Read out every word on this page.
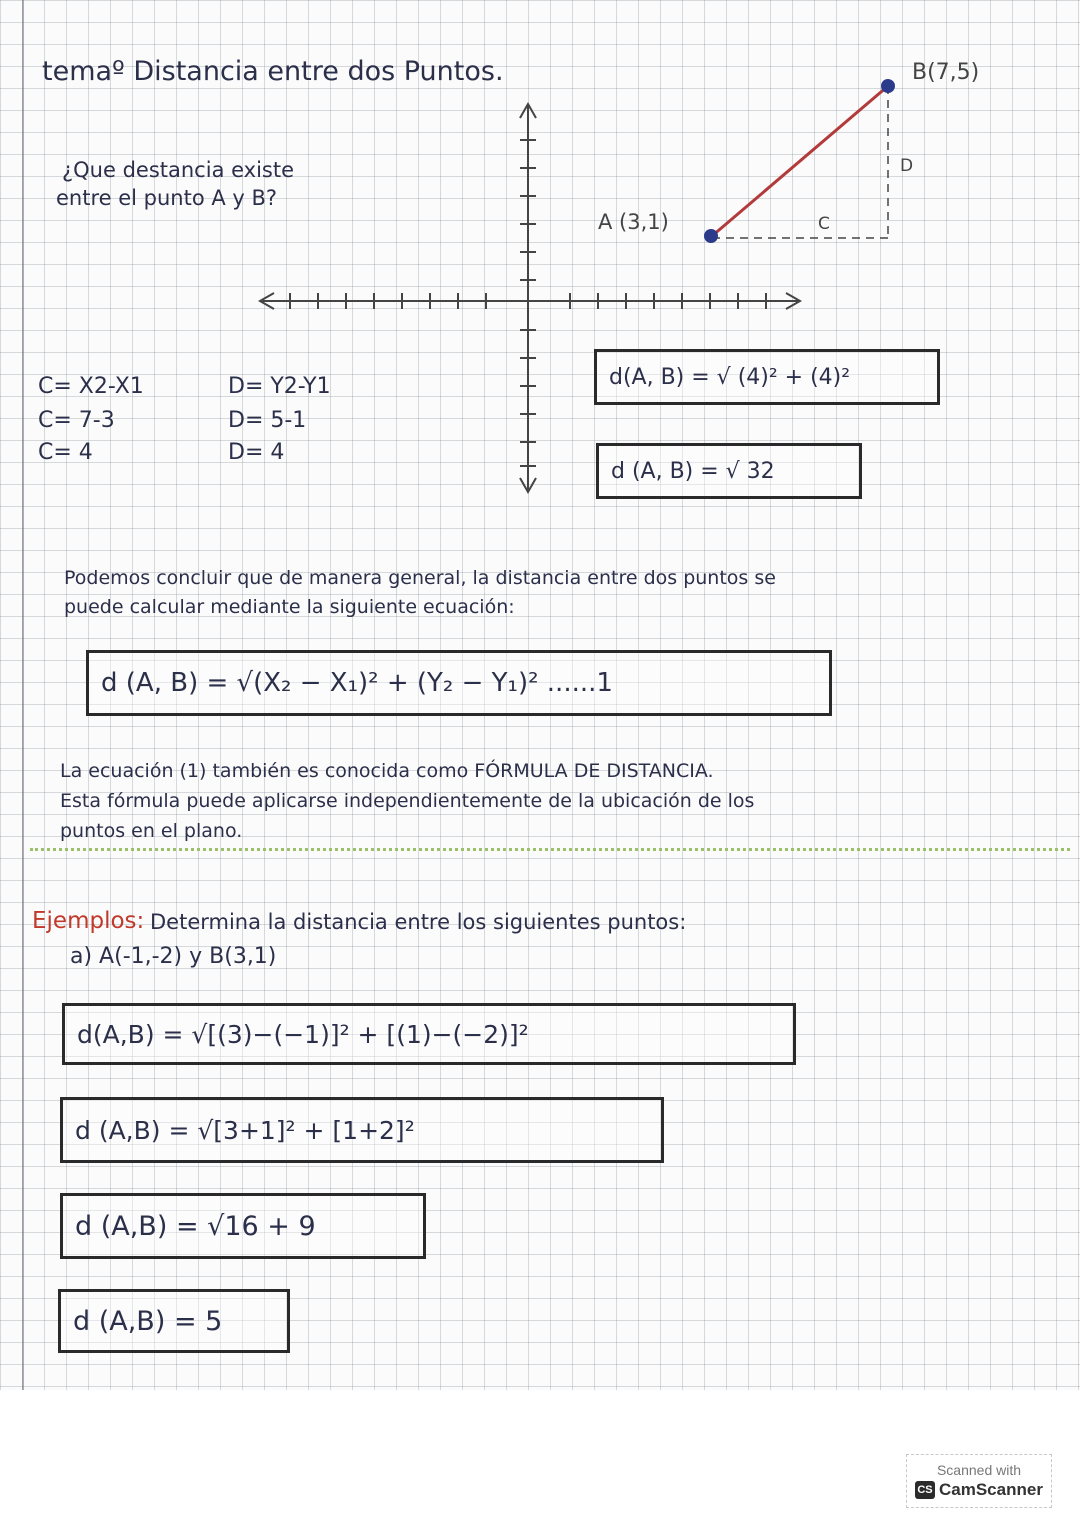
temaº Distancia entre dos Puntos.
¿Que destancia existe
entre el punto A y B?
A (3,1)
B(7,5)
D
C
C= X2-X1
C= 7-3
C= 4
D= Y2-Y1
D= 5-1
D= 4
d(A, B) = √ (4)² + (4)²
d (A, B) = √ 32
Podemos concluir que de manera general, la distancia entre dos puntos se
puede calcular mediante la siguiente ecuación:
d (A, B) = √(X₂ − X₁)² + (Y₂ − Y₁)² ......1
La ecuación (1) también es conocida como FÓRMULA DE DISTANCIA.
Esta fórmula puede aplicarse independientemente de la ubicación de los
puntos en el plano.
Ejemplos: Determina la distancia entre los siguientes puntos:
a) A(-1,-2) y B(3,1)
d(A,B) = √[(3)−(−1)]² + [(1)−(−2)]²
d (A,B) = √[3+1]² + [1+2]²
d (A,B) = √16 + 9
d (A,B) = 5
Scanned with
CS CamScanner
